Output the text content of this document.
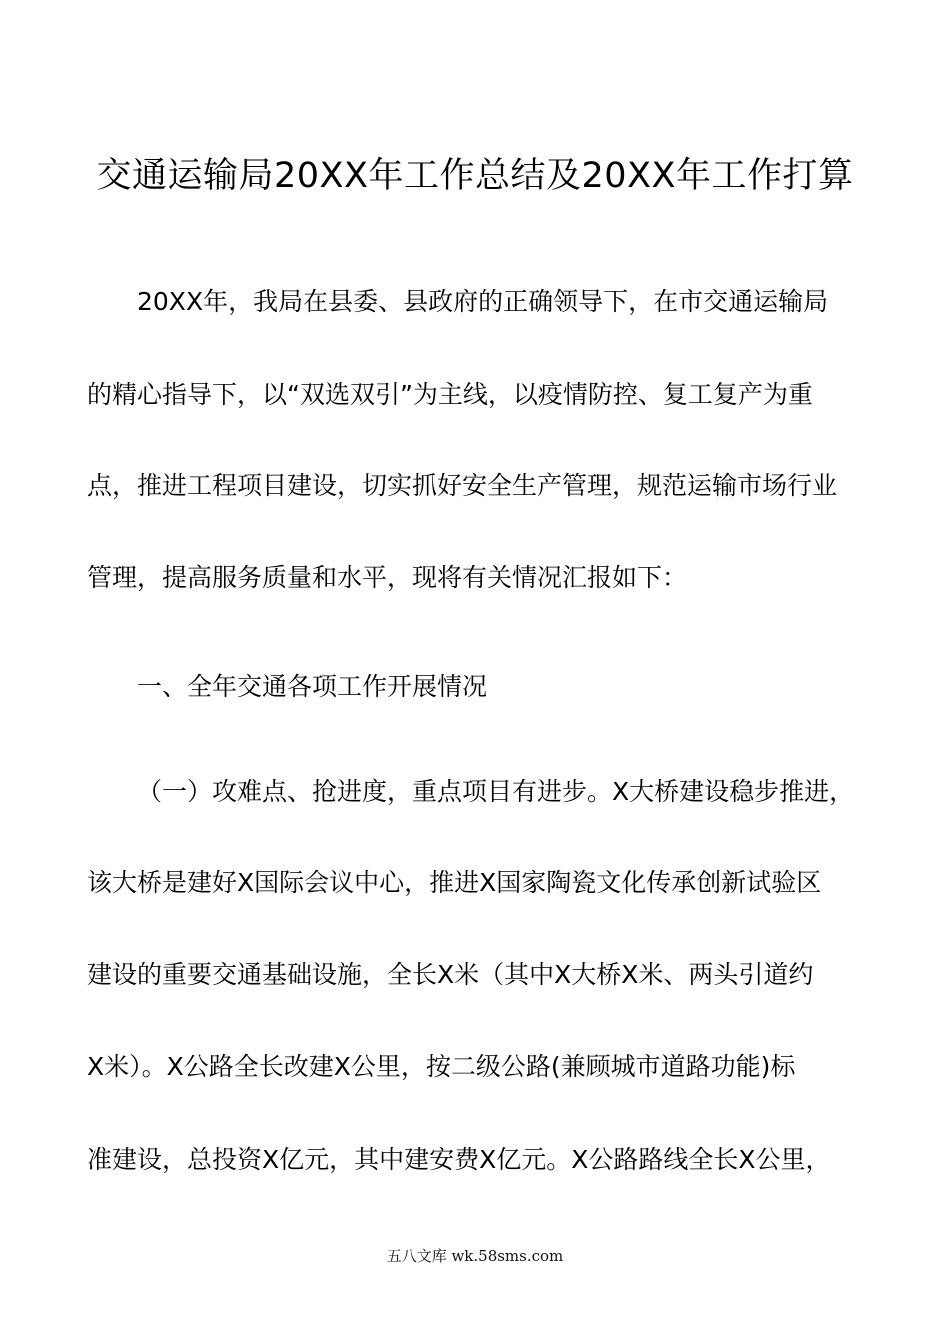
交通运输局20XX年工作总结及20XX年工作打算
20XX年，我局在县委、县政府的正确领导下，在市交通运输局
的精心指导下，以“双选双引”为主线，以疫情防控、复工复产为重
点，推进工程项目建设，切实抓好安全生产管理，规范运输市场行业
管理，提高服务质量和水平，现将有关情况汇报如下：
一、全年交通各项工作开展情况
（一）攻难点、抢进度，重点项目有进步。X大桥建设稳步推进，
该大桥是建好X国际会议中心，推进X国家陶瓷文化传承创新试验区
建设的重要交通基础设施，全长X米（其中X大桥X米、两头引道约
X米）。X公路全长改建X公里，按二级公路(兼顾城市道路功能)标
准建设，总投资X亿元，其中建安费X亿元。X公路路线全长X公里，
五八文库 wk.58sms.com
